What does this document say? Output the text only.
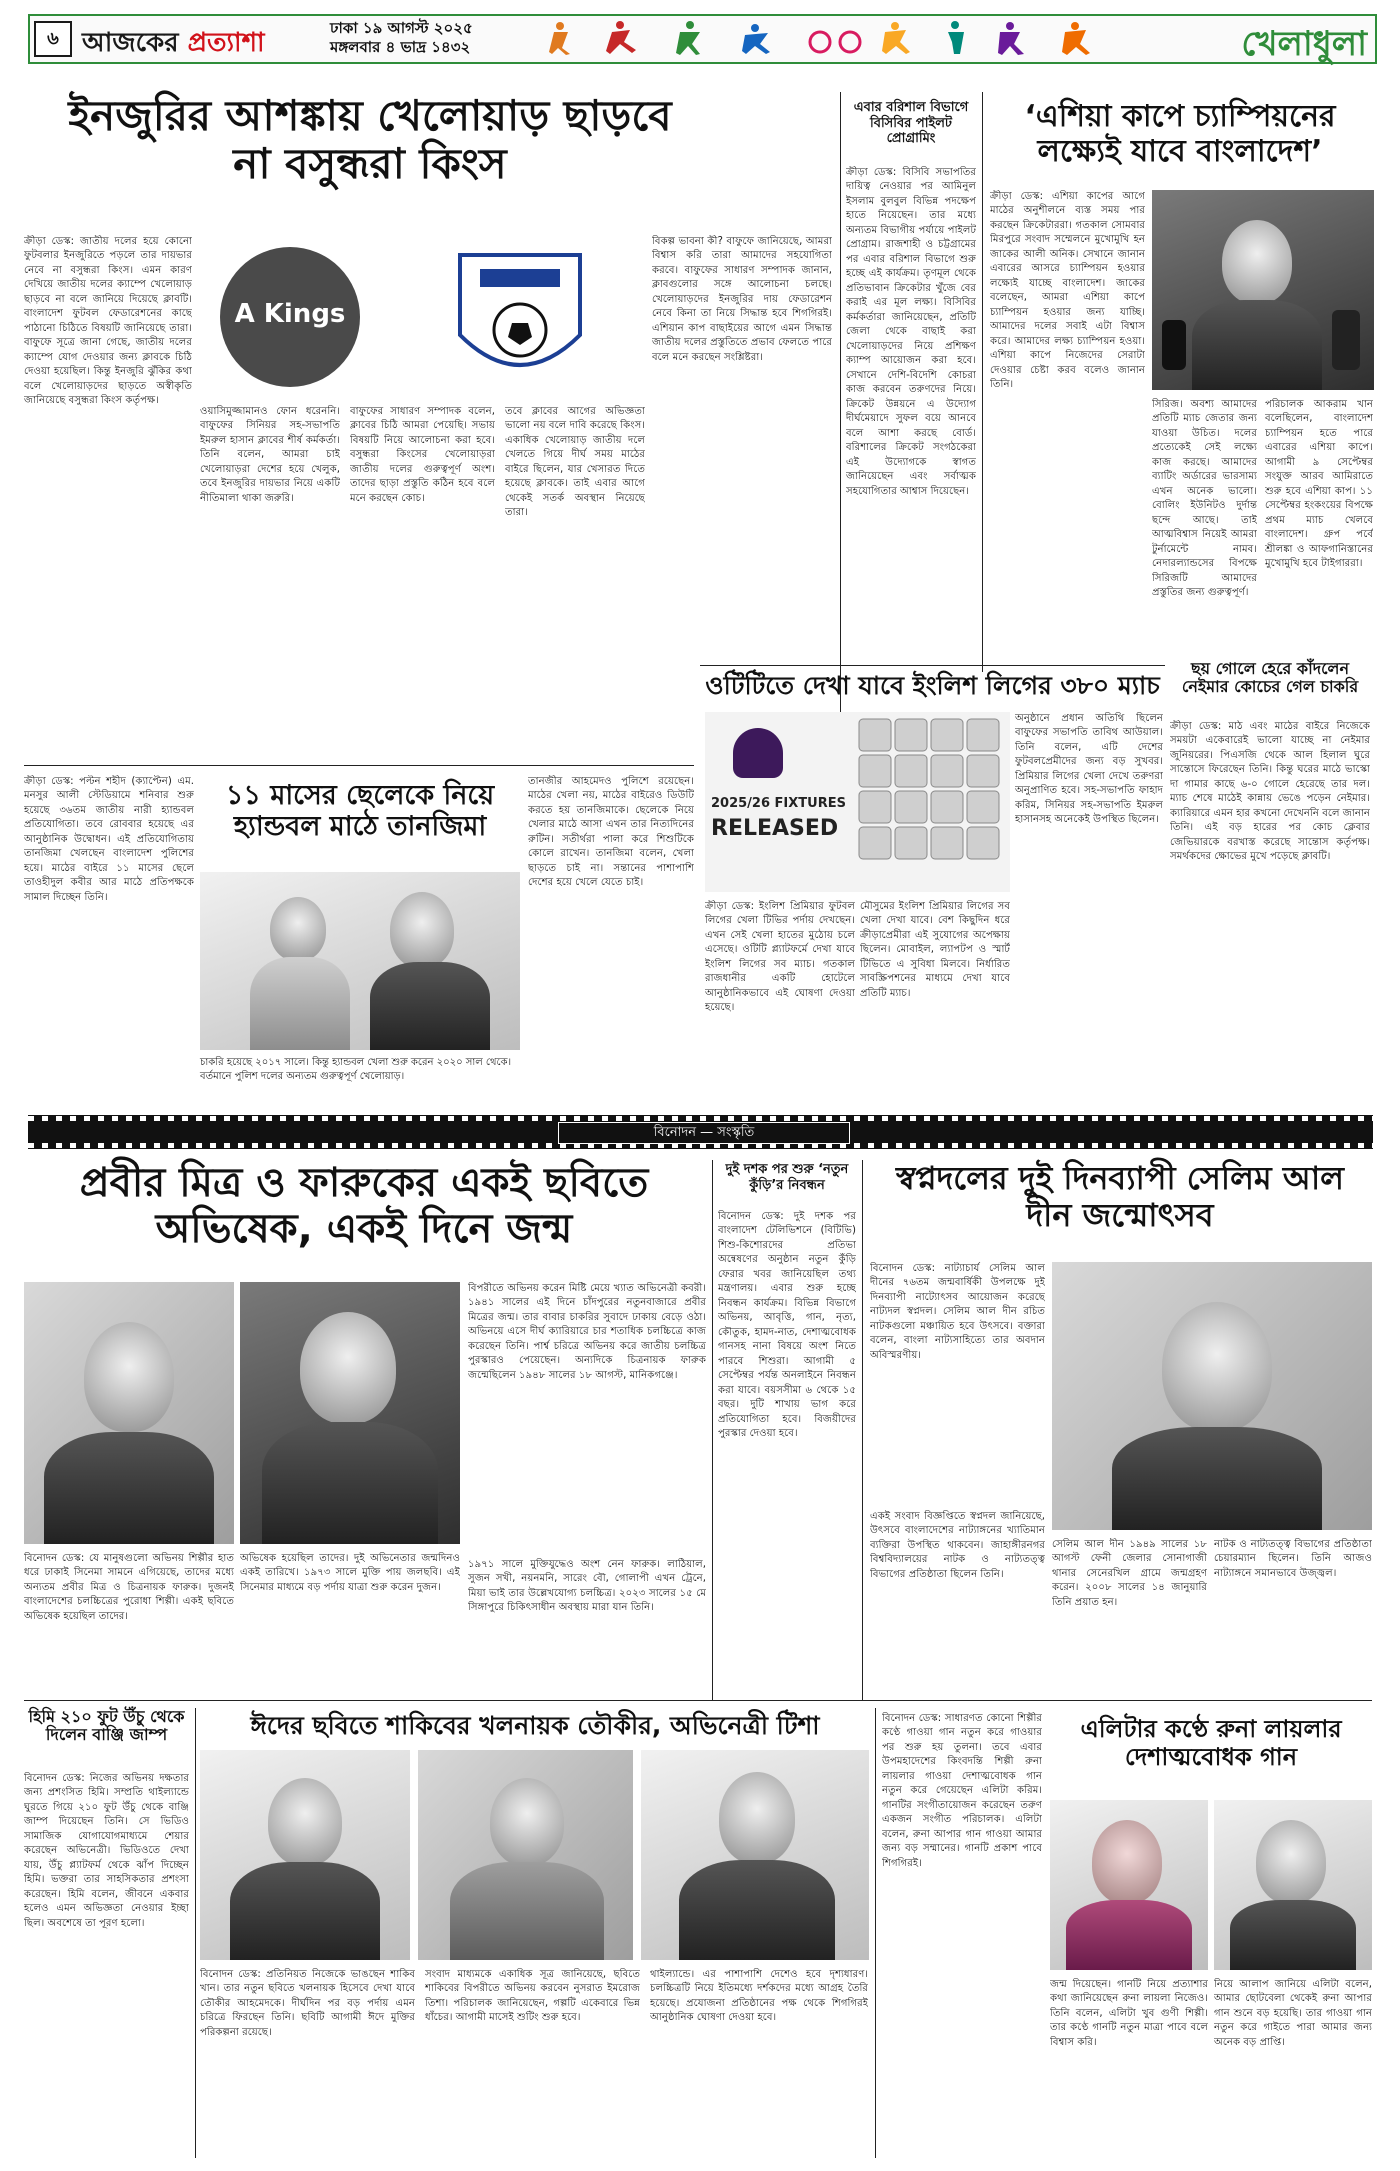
৬ আজকের প্রত্যাশা	ঢাকা ১৯ আগস্ট ২০২৫
মঙ্গলবার ৪ ভাদ্র ১৪৩২	খেলাধুলা
ইনজুরির আশঙ্কায় খেলোয়াড় ছাড়বে না বসুন্ধরা কিংস
ক্রীড়া ডেস্ক: জাতীয় দলের হয়ে কোনো ফুটবলার ইনজুরিতে পড়লে তার দায়ভার নেবে না বসুন্ধরা কিংস। এমন কারণ দেখিয়ে জাতীয় দলের ক্যাম্পে খেলোয়াড় ছাড়বে না বলে জানিয়ে দিয়েছে ক্লাবটি। বাংলাদেশ ফুটবল ফেডারেশনের কাছে পাঠানো চিঠিতে বিষয়টি জানিয়েছে তারা। বাফুফে সূত্রে জানা গেছে, জাতীয় দলের ক্যাম্পে যোগ দেওয়ার জন্য ক্লাবকে চিঠি দেওয়া হয়েছিল। কিন্তু ইনজুরি ঝুঁকির কথা বলে খেলোয়াড়দের ছাড়তে অস্বীকৃতি জানিয়েছে বসুন্ধরা কিংস কর্তৃপক্ষ।
A Kings
বিকল্প ভাবনা কী? বাফুফে জানিয়েছে, আমরা বিশ্বাস করি তারা আমাদের সহযোগিতা করবে। বাফুফের সাধারণ সম্পাদক জানান, ক্লাবগুলোর সঙ্গে আলোচনা চলছে। খেলোয়াড়দের ইনজুরির দায় ফেডারেশন নেবে কিনা তা নিয়ে সিদ্ধান্ত হবে শিগগিরই। এশিয়ান কাপ বাছাইয়ের আগে এমন সিদ্ধান্ত জাতীয় দলের প্রস্তুতিতে প্রভাব ফেলতে পারে বলে মনে করছেন সংশ্লিষ্টরা।
ওয়াসিমুজ্জামানও ফোন ধরেননি। বাফুফের সিনিয়র সহ-সভাপতি ইমরুল হাসান ক্লাবের শীর্ষ কর্মকর্তা। তিনি বলেন, আমরা চাই খেলোয়াড়রা দেশের হয়ে খেলুক, তবে ইনজুরির দায়ভার নিয়ে একটি নীতিমালা থাকা জরুরি।
বাফুফের সাধারণ সম্পাদক বলেন, ক্লাবের চিঠি আমরা পেয়েছি। সভায় বিষয়টি নিয়ে আলোচনা করা হবে। বসুন্ধরা কিংসের খেলোয়াড়রা জাতীয় দলের গুরুত্বপূর্ণ অংশ। তাদের ছাড়া প্রস্তুতি কঠিন হবে বলে মনে করছেন কোচ।
তবে ক্লাবের আগের অভিজ্ঞতা ভালো নয় বলে দাবি করেছে কিংস। একাধিক খেলোয়াড় জাতীয় দলে খেলতে গিয়ে দীর্ঘ সময় মাঠের বাইরে ছিলেন, যার খেসারত দিতে হয়েছে ক্লাবকে। তাই এবার আগে থেকেই সতর্ক অবস্থান নিয়েছে তারা।
এবার বরিশাল বিভাগে বিসিবির পাইলট প্রোগ্রামিং
ক্রীড়া ডেস্ক: বিসিবি সভাপতির দায়িত্ব নেওয়ার পর আমিনুল ইসলাম বুলবুল বিভিন্ন পদক্ষেপ হাতে নিয়েছেন। তার মধ্যে অন্যতম বিভাগীয় পর্যায়ে পাইলট প্রোগ্রাম। রাজশাহী ও চট্টগ্রামের পর এবার বরিশাল বিভাগে শুরু হচ্ছে এই কার্যক্রম। তৃণমূল থেকে প্রতিভাবান ক্রিকেটার খুঁজে বের করাই এর মূল লক্ষ্য। বিসিবির কর্মকর্তারা জানিয়েছেন, প্রতিটি জেলা থেকে বাছাই করা খেলোয়াড়দের নিয়ে প্রশিক্ষণ ক্যাম্প আয়োজন করা হবে। সেখানে দেশি-বিদেশি কোচরা কাজ করবেন তরুণদের নিয়ে। ক্রিকেট উন্নয়নে এ উদ্যোগ দীর্ঘমেয়াদে সুফল বয়ে আনবে বলে আশা করছে বোর্ড। বরিশালের ক্রিকেট সংগঠকেরা এই উদ্যোগকে স্বাগত জানিয়েছেন এবং সর্বাত্মক সহযোগিতার আশ্বাস দিয়েছেন।
‘এশিয়া কাপে চ্যাম্পিয়নের লক্ষ্যেই যাবে বাংলাদেশ’
ক্রীড়া ডেস্ক: এশিয়া কাপের আগে মাঠের অনুশীলনে ব্যস্ত সময় পার করছেন ক্রিকেটাররা। গতকাল সোমবার মিরপুরে সংবাদ সম্মেলনে মুখোমুখি হন জাকের আলী অনিক। সেখানে জানান এবারের আসরে চ্যাম্পিয়ন হওয়ার লক্ষ্যেই যাচ্ছে বাংলাদেশ। জাকের বলেছেন, আমরা এশিয়া কাপে চ্যাম্পিয়ন হওয়ার জন্য যাচ্ছি। আমাদের দলের সবাই এটা বিশ্বাস করে। আমাদের লক্ষ্য চ্যাম্পিয়ন হওয়া। এশিয়া কাপে নিজেদের সেরাটা দেওয়ার চেষ্টা করব বলেও জানান তিনি।
সিরিজ। অবশ্য আমাদের প্রতিটি ম্যাচ জেতার জন্য যাওয়া উচিত। দলের প্রত্যেকেই সেই লক্ষ্যে কাজ করছে। আমাদের ব্যাটিং অর্ডারের ভারসাম্য এখন অনেক ভালো। বোলিং ইউনিটও দুর্দান্ত ছন্দে আছে। তাই আত্মবিশ্বাস নিয়েই আমরা টুর্নামেন্টে নামব। নেদারল্যান্ডসের বিপক্ষে সিরিজটি আমাদের প্রস্তুতির জন্য গুরুত্বপূর্ণ।
পরিচালক আকরাম খান বলেছিলেন, বাংলাদেশ চ্যাম্পিয়ন হতে পারে এবারের এশিয়া কাপে। আগামী ৯ সেপ্টেম্বর সংযুক্ত আরব আমিরাতে শুরু হবে এশিয়া কাপ। ১১ সেপ্টেম্বর হংকংয়ের বিপক্ষে প্রথম ম্যাচ খেলবে বাংলাদেশ। গ্রুপ পর্বে শ্রীলঙ্কা ও আফগানিস্তানের মুখোমুখি হবে টাইগাররা।
ছয় গোলে হেরে কাঁদলেন নেইমার কোচের গেল চাকরি
ক্রীড়া ডেস্ক: মাঠ এবং মাঠের বাইরে নিজেকে সময়টা একেবারেই ভালো যাচ্ছে না নেইমার জুনিয়রের। পিএসজি থেকে আল হিলাল ঘুরে সান্তোসে ফিরেছেন তিনি। কিন্তু ঘরের মাঠে ভাস্কো দা গামার কাছে ৬-০ গোলে হেরেছে তার দল। ম্যাচ শেষে মাঠেই কান্নায় ভেঙে পড়েন নেইমার। ক্যারিয়ারে এমন হার কখনো দেখেননি বলে জানান তিনি। এই বড় হারের পর কোচ ক্লেবার জেভিয়ারকে বরখাস্ত করেছে সান্তোস কর্তৃপক্ষ। সমর্থকদের ক্ষোভের মুখে পড়েছে ক্লাবটি।
ওটিটিতে দেখা যাবে ইংলিশ লিগের ৩৮০ ম্যাচ
2025/26 FIXTURES
RELEASED
ক্রীড়া ডেস্ক: ইংলিশ প্রিমিয়ার ফুটবল লিগের খেলা টিভির পর্দায় দেখছেন। এখন সেই খেলা হাতের মুঠোয় চলে এসেছে। ওটিটি প্ল্যাটফর্মে দেখা যাবে ইংলিশ লিগের সব ম্যাচ। গতকাল রাজধানীর একটি হোটেলে আনুষ্ঠানিকভাবে এই ঘোষণা দেওয়া হয়েছে।
মৌসুমের ইংলিশ প্রিমিয়ার লিগের সব খেলা দেখা যাবে। বেশ কিছুদিন ধরে ক্রীড়াপ্রেমীরা এই সুযোগের অপেক্ষায় ছিলেন। মোবাইল, ল্যাপটপ ও স্মার্ট টিভিতে এ সুবিধা মিলবে। নির্ধারিত সাবস্ক্রিপশনের মাধ্যমে দেখা যাবে প্রতিটি ম্যাচ।
অনুষ্ঠানে প্রধান অতিথি ছিলেন বাফুফের সভাপতি তাবিথ আউয়াল। তিনি বলেন, এটি দেশের ফুটবলপ্রেমীদের জন্য বড় সুখবর। প্রিমিয়ার লিগের খেলা দেখে তরুণরা অনুপ্রাণিত হবে। সহ-সভাপতি ফাহাদ করিম, সিনিয়র সহ-সভাপতি ইমরুল হাসানসহ অনেকেই উপস্থিত ছিলেন।
ক্রীড়া ডেস্ক: পল্টন শহীদ (ক্যাপ্টেন) এম. মনসুর আলী স্টেডিয়ামে শনিবার শুরু হয়েছে ৩৬তম জাতীয় নারী হ্যান্ডবল প্রতিযোগিতা। তবে রোববার হয়েছে এর আনুষ্ঠানিক উদ্বোধন। এই প্রতিযোগিতায় তানজিমা খেলছেন বাংলাদেশ পুলিশের হয়ে। মাঠের বাইরে ১১ মাসের ছেলে তাওহীদুল কবীর আর মাঠে প্রতিপক্ষকে সামাল দিচ্ছেন তিনি।
১১ মাসের ছেলেকে নিয়ে হ্যান্ডবল মাঠে তানজিমা
চাকরি হয়েছে ২০১৭ সালে। কিন্তু হ্যান্ডবল খেলা শুরু করেন ২০২০ সাল থেকে। বর্তমানে পুলিশ দলের অন্যতম গুরুত্বপূর্ণ খেলোয়াড়।
তানজীর আহমেদও পুলিশে রয়েছেন। মাঠের খেলা নয়, মাঠের বাইরেও ডিউটি করতে হয় তানজিমাকে। ছেলেকে নিয়ে খেলার মাঠে আসা এখন তার নিত্যদিনের রুটিন। সতীর্থরা পালা করে শিশুটিকে কোলে রাখেন। তানজিমা বলেন, খেলা ছাড়তে চাই না। সন্তানের পাশাপাশি দেশের হয়ে খেলে যেতে চাই।
বিনোদন — সংস্কৃতি
প্রবীর মিত্র ও ফারুকের একই ছবিতে অভিষেক, একই দিনে জন্ম
বিপরীতে অভিনয় করেন মিষ্টি মেয়ে খ্যাত অভিনেত্রী কবরী। ১৯৪১ সালের এই দিনে চাঁদপুরের নতুনবাজারে প্রবীর মিত্রের জন্ম। তার বাবার চাকরির সুবাদে ঢাকায় বেড়ে ওঠা। অভিনয়ে এসে দীর্ঘ ক্যারিয়ারে চার শতাধিক চলচ্চিত্রে কাজ করেছেন তিনি। পার্শ্ব চরিত্রে অভিনয় করে জাতীয় চলচ্চিত্র পুরস্কারও পেয়েছেন। অন্যদিকে চিত্রনায়ক ফারুক জন্মেছিলেন ১৯৪৮ সালের ১৮ আগস্ট, মানিকগঞ্জে।
বিনোদন ডেস্ক: যে মানুষগুলো অভিনয় শিল্পীর হাত ধরে ঢাকাই সিনেমা সামনে এগিয়েছে, তাদের মধ্যে অন্যতম প্রবীর মিত্র ও চিত্রনায়ক ফারুক। দুজনই বাংলাদেশের চলচ্চিত্রের পুরোধা শিল্পী। একই ছবিতে অভিষেক হয়েছিল তাদের।
অভিষেক হয়েছিল তাদের। দুই অভিনেতার জন্মদিনও একই তারিখে। ১৯৭৩ সালে মুক্তি পায় জলছবি। এই সিনেমার মাধ্যমে বড় পর্দায় যাত্রা শুরু করেন দুজন।
১৯৭১ সালে মুক্তিযুদ্ধেও অংশ নেন ফারুক। লাঠিয়াল, সুজন সখী, নয়নমনি, সারেং বৌ, গোলাপী এখন ট্রেনে, মিয়া ভাই তার উল্লেখযোগ্য চলচ্চিত্র। ২০২৩ সালের ১৫ মে সিঙ্গাপুরে চিকিৎসাধীন অবস্থায় মারা যান তিনি।
দুই দশক পর শুরু ‘নতুন কুঁড়ি’র নিবন্ধন
বিনোদন ডেস্ক: দুই দশক পর বাংলাদেশ টেলিভিশনে (বিটিভি) শিশু-কিশোরদের প্রতিভা অন্বেষণের অনুষ্ঠান নতুন কুঁড়ি ফেরার খবর জানিয়েছিল তথ্য মন্ত্রণালয়। এবার শুরু হচ্ছে নিবন্ধন কার্যক্রম। বিভিন্ন বিভাগে অভিনয়, আবৃত্তি, গান, নৃত্য, কৌতুক, হামদ-নাত, দেশাত্মবোধক গানসহ নানা বিষয়ে অংশ নিতে পারবে শিশুরা। আগামী ৫ সেপ্টেম্বর পর্যন্ত অনলাইনে নিবন্ধন করা যাবে। বয়সসীমা ৬ থেকে ১৫ বছর। দুটি শাখায় ভাগ করে প্রতিযোগিতা হবে। বিজয়ীদের পুরস্কার দেওয়া হবে।
স্বপ্নদলের দুই দিনব্যাপী সেলিম আল দীন জন্মোৎসব
বিনোদন ডেস্ক: নাট্যাচার্য সেলিম আল দীনের ৭৬তম জন্মবার্ষিকী উপলক্ষে দুই দিনব্যাপী নাট্যোৎসব আয়োজন করেছে নাট্যদল স্বপ্নদল। সেলিম আল দীন রচিত নাটকগুলো মঞ্চায়িত হবে উৎসবে। বক্তারা বলেন, বাংলা নাট্যসাহিত্যে তার অবদান অবিস্মরণীয়।
একই সংবাদ বিজ্ঞপ্তিতে স্বপ্নদল জানিয়েছে, উৎসবে বাংলাদেশের নাট্যাঙ্গনের খ্যাতিমান ব্যক্তিরা উপস্থিত থাকবেন। জাহাঙ্গীরনগর বিশ্ববিদ্যালয়ের নাটক ও নাট্যতত্ত্ব বিভাগের প্রতিষ্ঠাতা ছিলেন তিনি।
সেলিম আল দীন ১৯৪৯ সালের ১৮ আগস্ট ফেনী জেলার সোনাগাজী থানার সেনেরখিল গ্রামে জন্মগ্রহণ করেন। ২০০৮ সালের ১৪ জানুয়ারি তিনি প্রয়াত হন।
নাটক ও নাট্যতত্ত্ব বিভাগের প্রতিষ্ঠাতা চেয়ারম্যান ছিলেন। তিনি আজও নাট্যাঙ্গনে সমানভাবে উজ্জ্বল।
হিমি ২১০ ফুট উঁচু থেকে দিলেন বাঞ্জি জাম্প
বিনোদন ডেস্ক: নিজের অভিনয় দক্ষতার জন্য প্রশংসিত হিমি। সম্প্রতি থাইল্যান্ডে ঘুরতে গিয়ে ২১০ ফুট উঁচু থেকে বাঞ্জি জাম্প দিয়েছেন তিনি। সে ভিডিও সামাজিক যোগাযোগমাধ্যমে শেয়ার করেছেন অভিনেত্রী। ভিডিওতে দেখা যায়, উঁচু প্ল্যাটফর্ম থেকে ঝাঁপ দিচ্ছেন হিমি। ভক্তরা তার সাহসিকতার প্রশংসা করেছেন। হিমি বলেন, জীবনে একবার হলেও এমন অভিজ্ঞতা নেওয়ার ইচ্ছা ছিল। অবশেষে তা পূরণ হলো।
ঈদের ছবিতে শাকিবের খলনায়ক তৌকীর, অভিনেত্রী টিশা
বিনোদন ডেস্ক: প্রতিনিয়ত নিজেকে ভাঙছেন শাকিব খান। তার নতুন ছবিতে খলনায়ক হিসেবে দেখা যাবে তৌকীর আহমেদকে। দীর্ঘদিন পর বড় পর্দায় এমন চরিত্রে ফিরছেন তিনি। ছবিটি আগামী ঈদে মুক্তির পরিকল্পনা রয়েছে।
সংবাদ মাধ্যমকে একাধিক সূত্র জানিয়েছে, ছবিতে শাকিবের বিপরীতে অভিনয় করবেন নুসরাত ইমরোজ তিশা। পরিচালক জানিয়েছেন, গল্পটি একেবারে ভিন্ন ধাঁচের। আগামী মাসেই শুটিং শুরু হবে।
থাইল্যান্ডে। এর পাশাপাশি দেশেও হবে দৃশ্যধারণ। চলচ্চিত্রটি নিয়ে ইতিমধ্যে দর্শকদের মধ্যে আগ্রহ তৈরি হয়েছে। প্রযোজনা প্রতিষ্ঠানের পক্ষ থেকে শিগগিরই আনুষ্ঠানিক ঘোষণা দেওয়া হবে।
বিনোদন ডেস্ক: সাধারণত কোনো শিল্পীর কণ্ঠে গাওয়া গান নতুন করে গাওয়ার পর শুরু হয় তুলনা। তবে এবার উপমহাদেশের কিংবদন্তি শিল্পী রুনা লায়লার গাওয়া দেশাত্মবোধক গান নতুন করে গেয়েছেন এলিটা করিম। গানটির সংগীতায়োজন করেছেন তরুণ একজন সংগীত পরিচালক। এলিটা বলেন, রুনা আপার গান গাওয়া আমার জন্য বড় সম্মানের। গানটি প্রকাশ পাবে শিগগিরই।
এলিটার কণ্ঠে রুনা লায়লার দেশাত্মবোধক গান
জন্ম দিয়েছেন। গানটি নিয়ে প্রত্যাশার কথা জানিয়েছেন রুনা লায়লা নিজেও। তিনি বলেন, এলিটা খুব গুণী শিল্পী। তার কণ্ঠে গানটি নতুন মাত্রা পাবে বলে বিশ্বাস করি।
নিয়ে আলাপ জানিয়ে এলিটা বলেন, আমার ছোটবেলা থেকেই রুনা আপার গান শুনে বড় হয়েছি। তার গাওয়া গান নতুন করে গাইতে পারা আমার জন্য অনেক বড় প্রাপ্তি।
